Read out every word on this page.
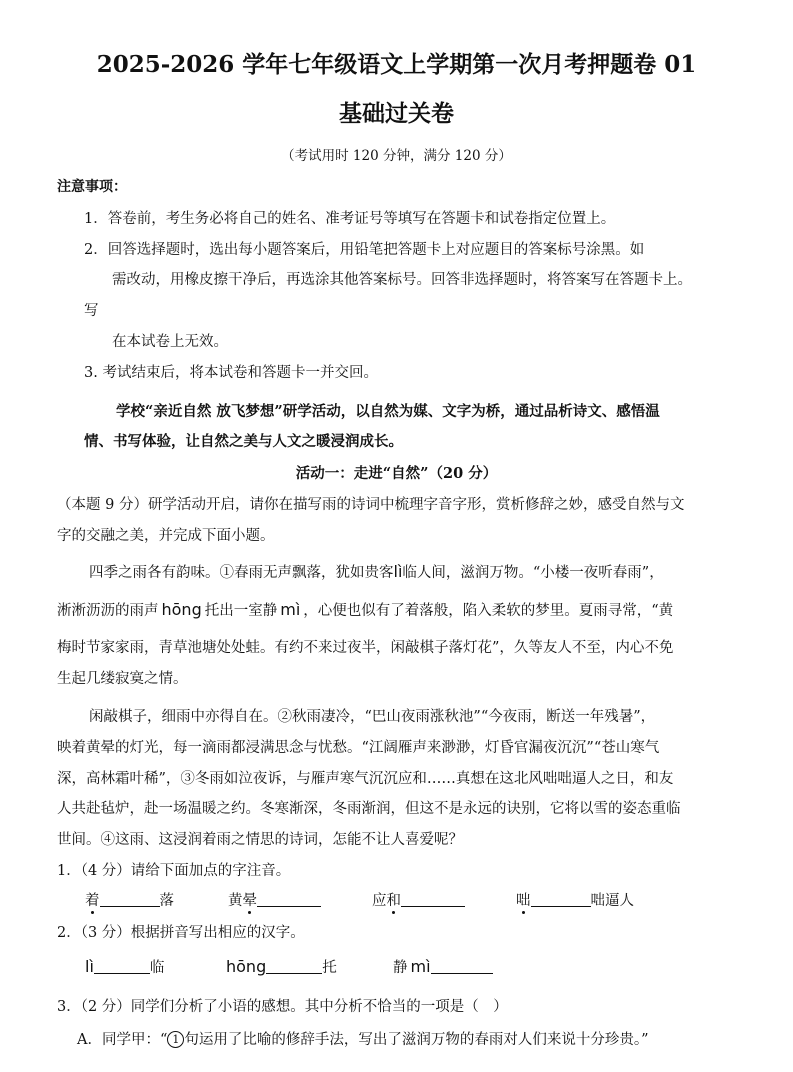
2025-2026 学年七年级语文上学期第一次月考押题卷 01
基础过关卷
（考试用时 120 分钟，满分 120 分）
注意事项：
1．答卷前，考生务必将自己的姓名、准考证号等填写在答题卡和试卷指定位置上。
2．回答选择题时，选出每小题答案后，用铅笔把答题卡上对应题目的答案标号涂黑。如
需改动，用橡皮擦干净后，再选涂其他答案标号。回答非选择题时，将答案写在答题卡上。
写
在本试卷上无效。
3. 考试结束后，将本试卷和答题卡一并交回。
学校“亲近自然 放飞梦想”研学活动，以自然为媒、文字为桥，通过品析诗文、感悟温
情、书写体验，让自然之美与人文之暖浸润成长。
活动一：走进“自然”（20 分）
（本题 9 分）研学活动开启，请你在描写雨的诗词中梳理字音字形，赏析修辞之妙，感受自然与文
字的交融之美，并完成下面小题。
四季之雨各有韵味。①春雨无声飘落，犹如贵客lì临人间，滋润万物。“小楼一夜听春雨”，
淅淅沥沥的雨声 hōng 托出一室静 mì ，心便也似有了着落般，陷入柔软的梦里。夏雨寻常，“黄
梅时节家家雨，青草池塘处处蛙。有约不来过夜半，闲敲棋子落灯花”，久等友人不至，内心不免
生起几缕寂寞之情。
闲敲棋子，细雨中亦得自在。②秋雨凄冷，“巴山夜雨涨秋池”“今夜雨，断送一年残暑”，
映着黄晕的灯光，每一滴雨都浸满思念与忧愁。“江阔雁声来渺渺，灯昏官漏夜沉沉”“苍山寒气
深，高林霜叶稀”，③冬雨如泣夜诉，与雁声寒气沉沉应和……真想在这北风咄咄逼人之日，和友
人共赴毡炉，赴一场温暖之约。冬寒渐深，冬雨渐润，但这不是永远的诀别，它将以雪的姿态重临
世间。④这雨、这浸润着雨之情思的诗词，怎能不让人喜爱呢？
1．（4 分）请给下面加点的字注音。
着	落	黄晕	应和	咄	咄逼人
2．（3 分）根据拼音写出相应的汉字。
lì	临	hōng	托	静 mì
3．（2 分）同学们分析了小语的感想。其中分析不恰当的一项是（　）
A．同学甲：“ 1 句运用了比喻的修辞手法，写出了滋润万物的春雨对人们来说十分珍贵。”
